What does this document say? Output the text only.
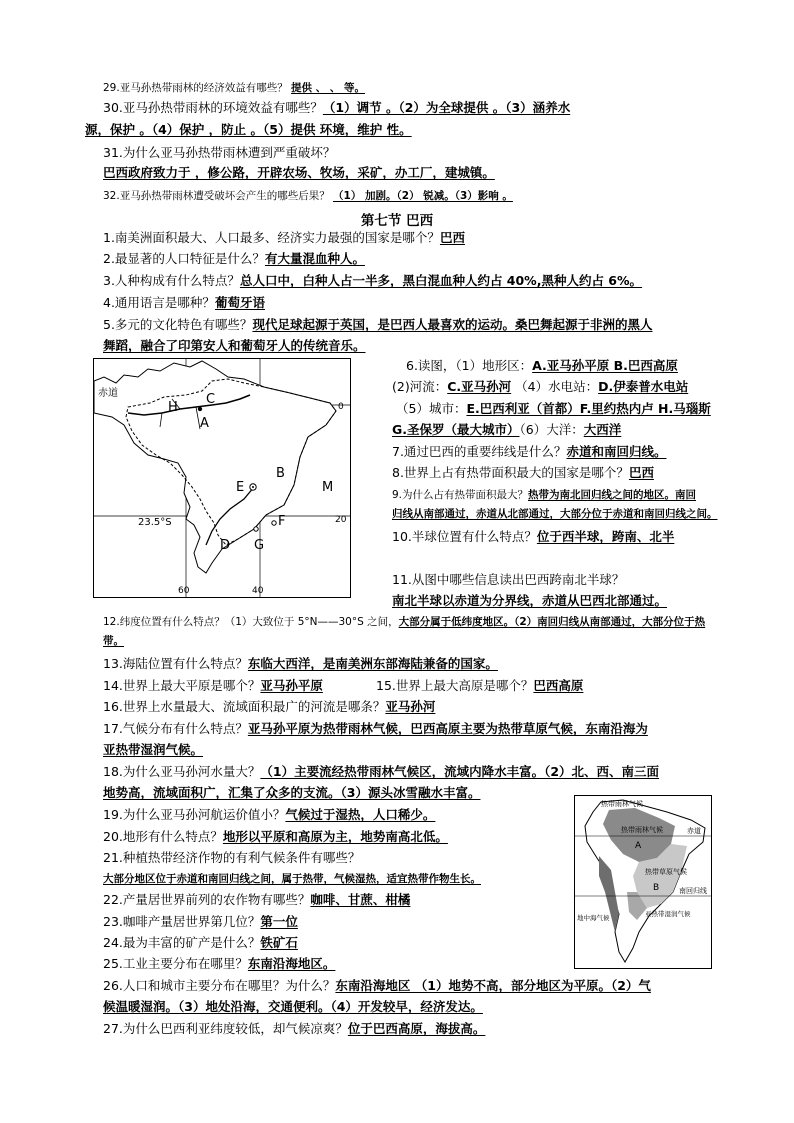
29.亚马孙热带雨林的经济效益有哪些？ 提供 、 、 等。
30.亚马孙热带雨林的环境效益有哪些？（1）调节 。（2）为全球提供 。（3）涵养水
源，保护 。（4）保护 ，防止 。（5）提供 环境，维护 性。
31.为什么亚马孙热带雨林遭到严重破坏？
巴西政府致力于 ，修公路，开辟农场、牧场，采矿，办工厂，建城镇。
32.亚马孙热带雨林遭受破坏会产生的哪些后果？ （1） 加剧。（2） 锐减。（3）影响 。
第七节 巴西
1.南美洲面积最大、人口最多、经济实力最强的国家是哪个？巴西
2.最显著的人口特征是什么？有大量混血种人。
3.人种构成有什么特点？总人口中，白种人占一半多，黑白混血种人约占 40%,黑种人约占 6%。
4.通用语言是哪种？葡萄牙语
5.多元的文化特色有哪些？现代足球起源于英国，是巴西人最喜欢的运动。桑巴舞起源于非洲的黑人
舞蹈，融合了印第安人和葡萄牙人的传统音乐。
赤道
0
20
23.5°S
60	40
C
H
A
B
M
E
F
D G
6.读图，（1）地形区：A.亚马孙平原 B.巴西高原
(2)河流：C.亚马孙河 （4）水电站：D.伊泰普水电站
（5）城市：E.巴西利亚（首都）F.里约热内卢 H.马瑙斯
G.圣保罗（最大城市）（6）大洋：大西洋
7.通过巴西的重要纬线是什么？赤道和南回归线。
8.世界上占有热带面积最大的国家是哪个？巴西
9.为什么占有热带面积最大？热带为南北回归线之间的地区。南回
归线从南部通过，赤道从北部通过，大部分位于赤道和南回归线之间。
10.半球位置有什么特点？位于西半球，跨南、北半
11.从图中哪些信息读出巴西跨南北半球？
南北半球以赤道为分界线，赤道从巴西北部通过。
12.纬度位置有什么特点？（1）大致位于 5°N——30°S 之间，大部分属于低纬度地区。（2）南回归线从南部通过，大部分位于热
带。
13.海陆位置有什么特点？东临大西洋，是南美洲东部海陆兼备的国家。
14.世界上最大平原是哪个？亚马孙平原	15.世界上最大高原是哪个？巴西高原
16.世界上水量最大、流域面积最广的河流是哪条？亚马孙河
17.气候分布有什么特点？亚马孙平原为热带雨林气候，巴西高原主要为热带草原气候，东南沿海为
亚热带湿润气候。
18.为什么亚马孙河水量大？（1）主要流经热带雨林气候区，流域内降水丰富。（2）北、西、南三面
地势高，流域面积广，汇集了众多的支流。（3）源头冰雪融水丰富。
赤道
南回归线
热带雨林气候
热带雨林气候
热带草原气候
A
B
地中海气候	亚热带湿润气候
19.为什么亚马孙河航运价值小？气候过于湿热，人口稀少。
20.地形有什么特点？地形以平原和高原为主，地势南高北低。
21.种植热带经济作物的有利气候条件有哪些？
大部分地区位于赤道和南回归线之间，属于热带，气候湿热，适宜热带作物生长。
22.产量居世界前列的农作物有哪些？咖啡、甘蔗、柑橘
23.咖啡产量居世界第几位？第一位
24.最为丰富的矿产是什么？铁矿石
25.工业主要分布在哪里？东南沿海地区。
26.人口和城市主要分布在哪里？为什么？东南沿海地区 （1）地势不高，部分地区为平原。（2）气
候温暖湿润。（3）地处沿海，交通便利。（4）开发较早，经济发达。
27.为什么巴西利亚纬度较低，却气候凉爽？位于巴西高原，海拔高。
